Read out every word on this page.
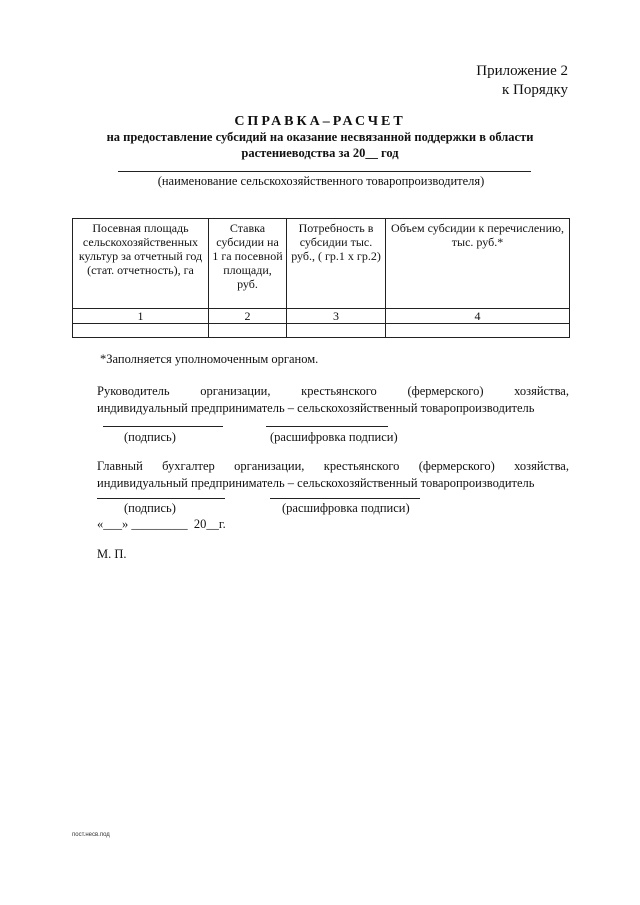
Приложение 2
к Порядку
СПРАВКА–РАСЧЕТ
на предоставление субсидий на оказание несвязанной поддержки в области
растениеводства за 20__ год
(наименование сельскохозяйственного товаропроизводителя)
Посевная площадь сельскохозяйственных культур за отчетный год (стат. отчетность), га	Ставка субсидии на 1 га посевной площади, руб.	Потребность в субсидии тыс. руб., ( гр.1 х гр.2)	Объем субсидии к перечислению, тыс. руб.*
1	2	3	4

*Заполняется уполномоченным органом.
Руководитель организации, крестьянского (фермерского) хозяйства,
индивидуальный предприниматель – сельскохозяйственный товаропроизводитель
(подпись)	(расшифровка подписи)
Главный бухгалтер организации, крестьянского (фермерского) хозяйства,
индивидуальный предприниматель – сельскохозяйственный товаропроизводитель
(подпись)	(расшифровка подписи)
«___» _________  20__г.
М. П.
пост.несв.под
